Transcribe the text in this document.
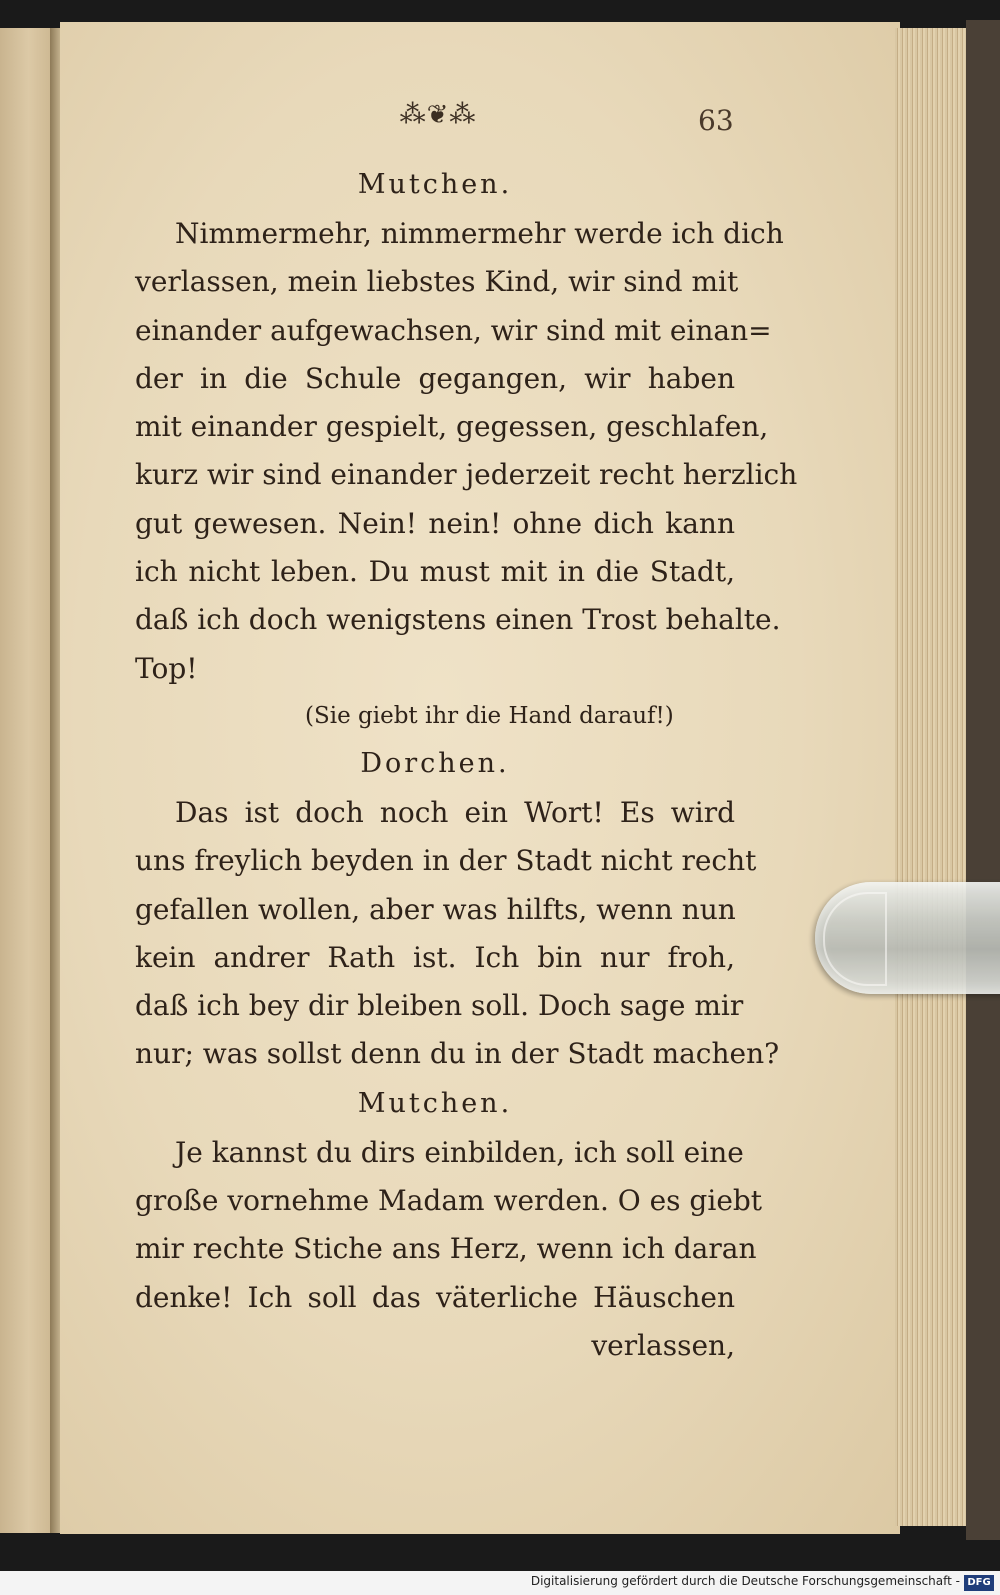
⁂❦⁂	63

Mutchen.

Nimmermehr, nimmermehr werde ich dich
verlassen, mein liebstes Kind, wir sind mit
einander aufgewachsen, wir sind mit einan=
der in die Schule gegangen, wir haben
mit einander gespielt, gegessen, geschlafen,
kurz wir sind einander jederzeit recht herzlich
gut gewesen. Nein! nein! ohne dich kann
ich nicht leben. Du must mit in die Stadt,
daß ich doch wenigstens einen Trost behalte.
Top!

(Sie giebt ihr die Hand darauf!)

Dorchen.

Das ist doch noch ein Wort! Es wird
uns freylich beyden in der Stadt nicht recht
gefallen wollen, aber was hilfts, wenn nun
kein andrer Rath ist. Ich bin nur froh,
daß ich bey dir bleiben soll. Doch sage mir
nur; was sollst denn du in der Stadt machen?

Mutchen.

Je kannst du dirs einbilden, ich soll eine
große vornehme Madam werden. O es giebt
mir rechte Stiche ans Herz, wenn ich daran
denke! Ich soll das väterliche Häuschen
verlassen,
Digitalisierung gefördert durch die Deutsche Forschungsgemeinschaft - DFG
